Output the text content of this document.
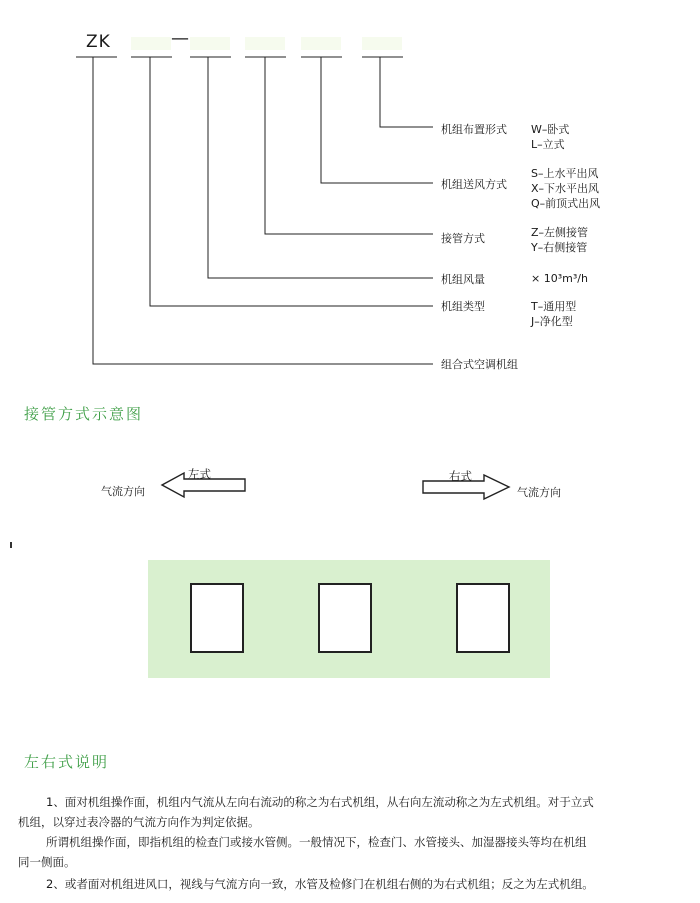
ZK	—
机组布置形式 W–卧式
L–立式
机组送风方式
S–上水平出风
X–下水平出风
Q–前顶式出风
接管方式	Z–左侧接管
Y–右侧接管
机组风量	× 10³m³/h
机组类型	T–通用型
J–净化型
组合式空调机组
接管方式示意图
左式
气流方向
右式
气流方向
左右式说明
1、面对机组操作面，机组内气流从左向右流动的称之为右式机组，从右向左流动称之为左式机组。对于立式
机组，以穿过表冷器的气流方向作为判定依据。
所谓机组操作面，即指机组的检查门或接水管侧。一般情况下，检查门、水管接头、加湿器接头等均在机组
同一侧面。
2、或者面对机组进风口，视线与气流方向一致，水管及检修门在机组右侧的为右式机组；反之为左式机组。
